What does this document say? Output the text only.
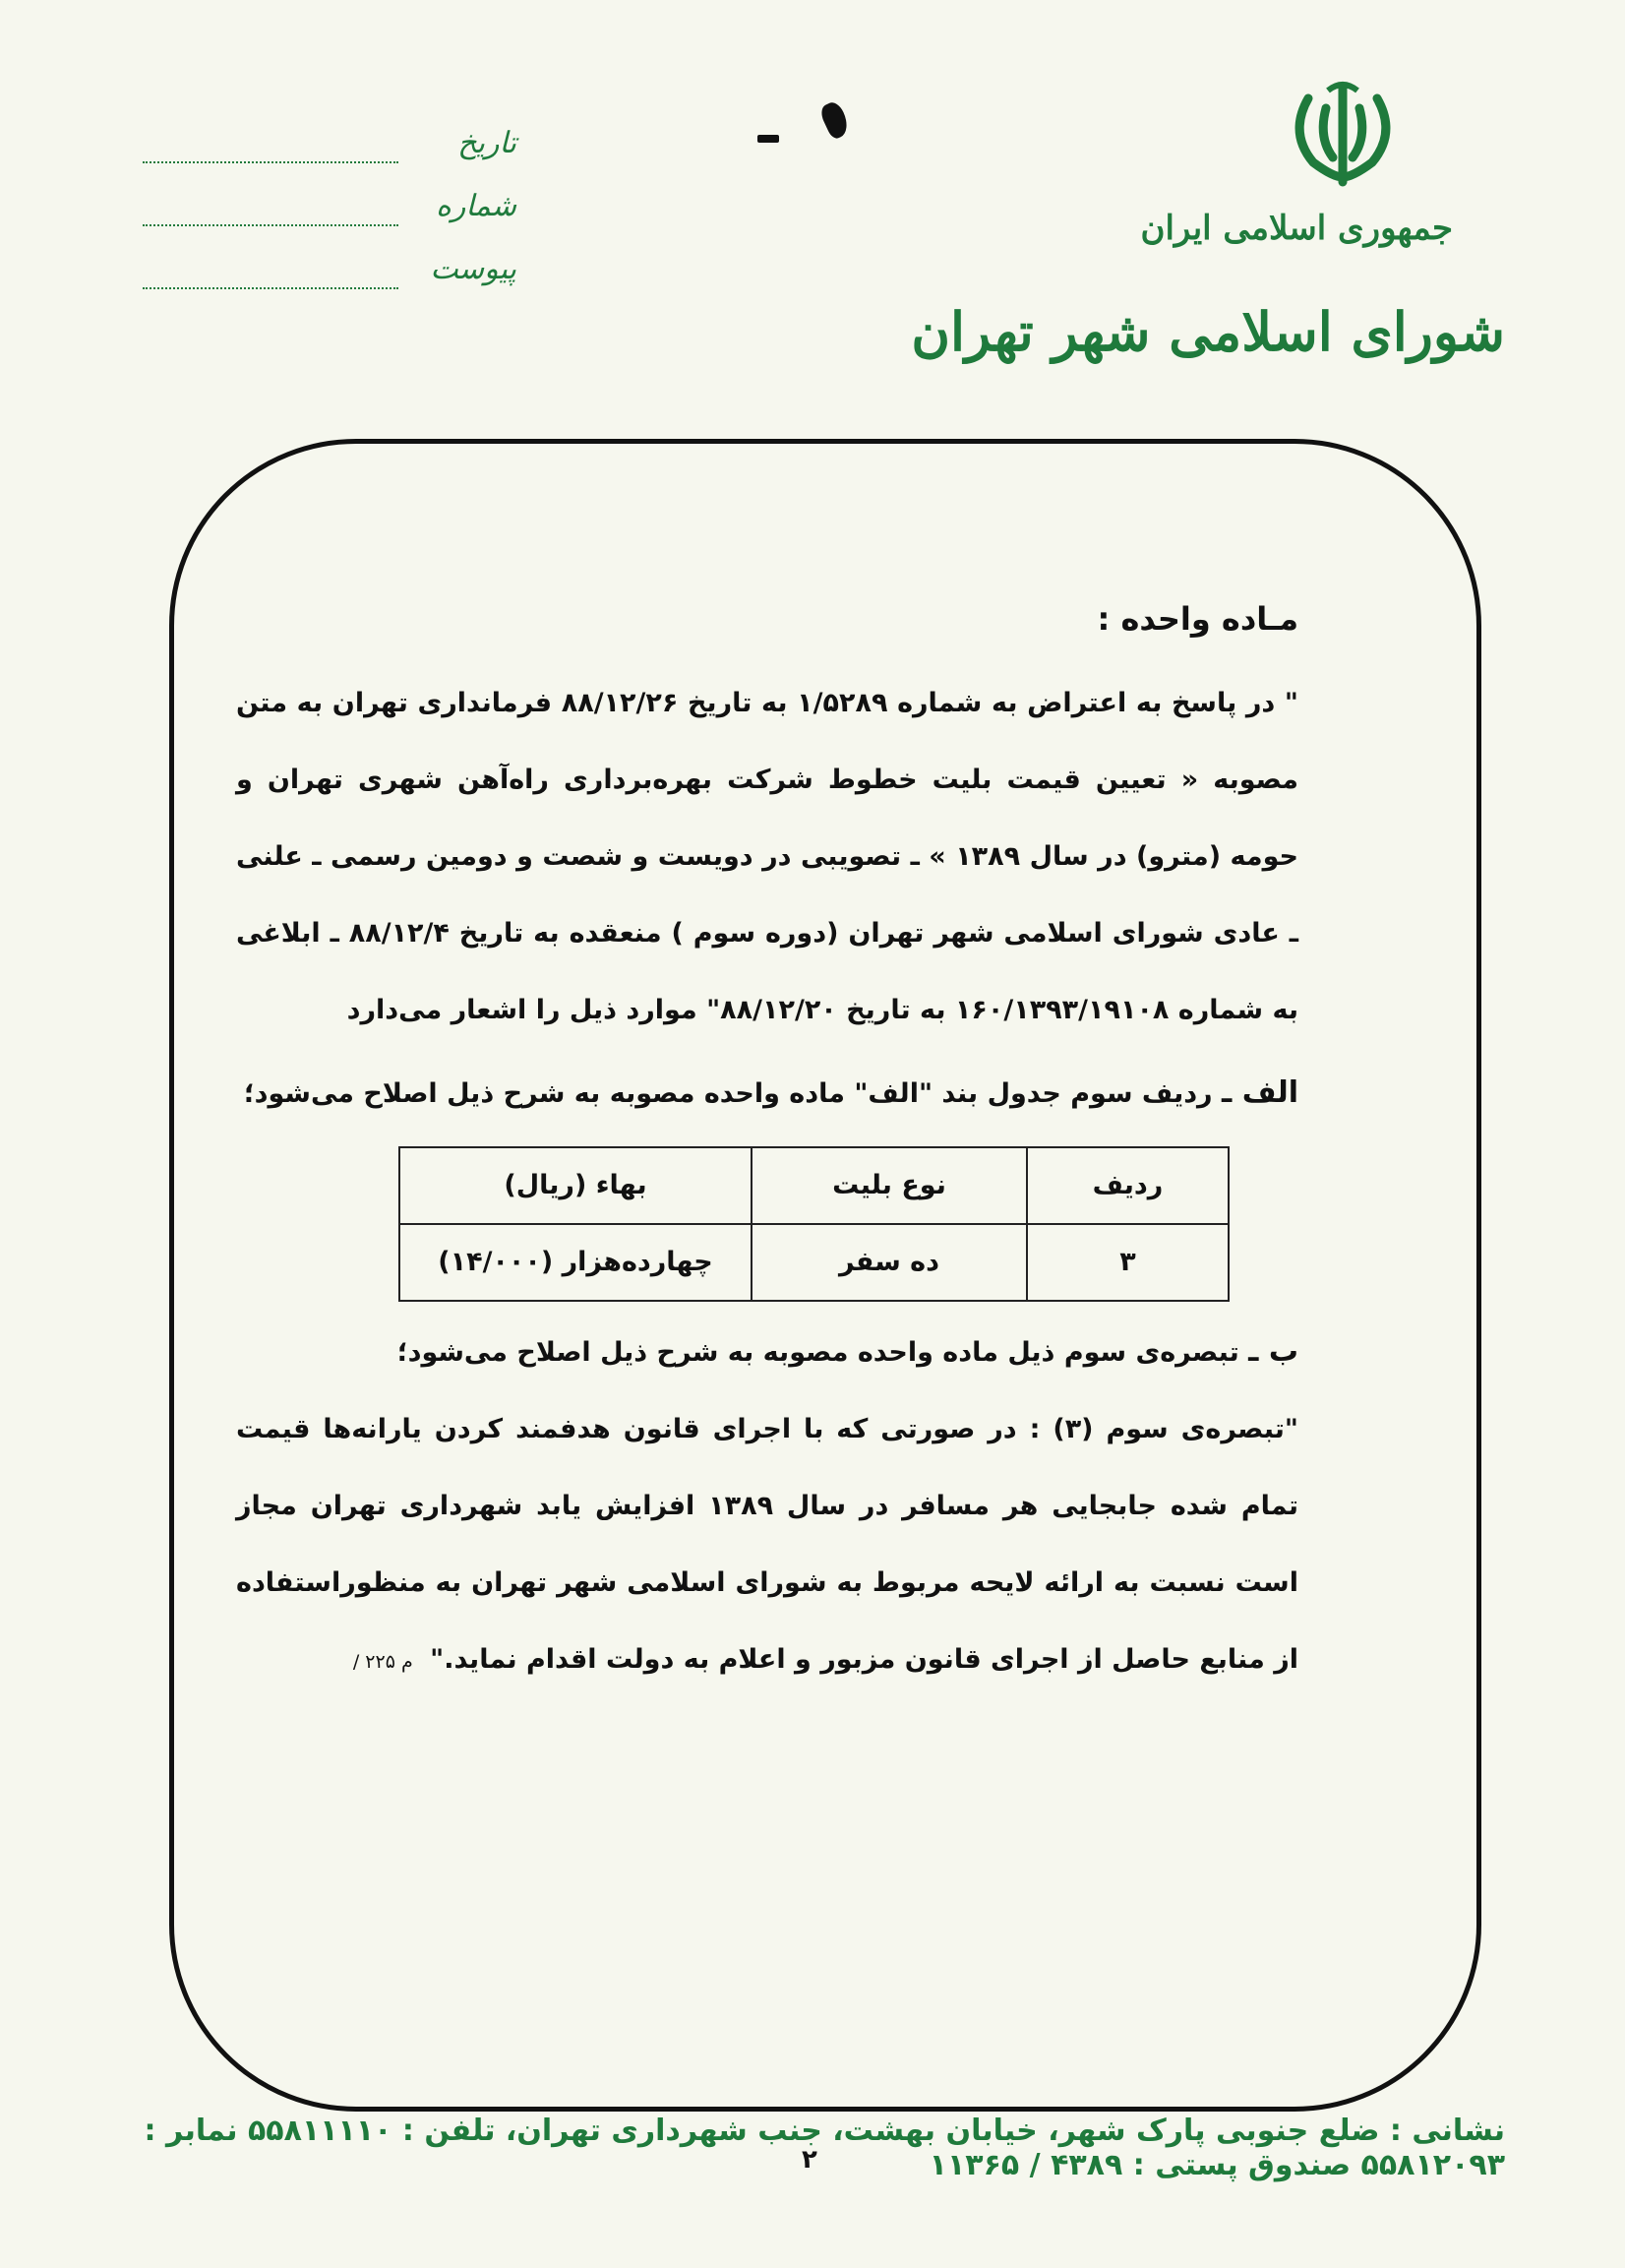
جمهوری اسلامی ایران
شورای اسلامی شهر تهران
تاریخ
شماره
پیوست

مـاده واحده :

" در پاسخ به اعتراض به شماره ۱/۵۲۸۹ به تاریخ ۸۸/۱۲/۲۶ فرمانداری تهران به متن مصوبه « تعیین قیمت بلیت خطوط شرکت بهره‌برداری راه‌آهن شهری تهران و حومه (مترو) در سال ۱۳۸۹ » ـ تصویبی در دویست و شصت و دومین رسمی ـ علنی ـ عادی شورای اسلامی شهر تهران (دوره سوم ) منعقده به تاریخ ۸۸/۱۲/۴ ـ ابلاغی به شماره ۱۶۰/۱۳۹۳/۱۹۱۰۸ به تاریخ ۸۸/۱۲/۲۰" موارد ذیل را اشعار می‌دارد

الف ـ ردیف سوم جدول بند "الف" ماده واحده مصوبه به شرح ذیل اصلاح می‌شود؛

ردیف	نوع بلیت	بهاء (ریال)
۳	ده سفر	چهارده‌هزار (۱۴/۰۰۰)

ب ـ تبصره‌ی سوم ذیل ماده واحده مصوبه به شرح ذیل اصلاح می‌شود؛

"تبصره‌ی سوم (۳) : در صورتی که با اجرای قانون هدفمند کردن یارانه‌ها قیمت تمام شده جابجایی هر مسافر در سال ۱۳۸۹ افزایش یابد شهرداری تهران مجاز است نسبت به ارائه لایحه مربوط به شورای اسلامی شهر تهران به منظوراستفاده از منابع حاصل از اجرای قانون مزبور و اعلام به دولت اقدام نماید." م ۲۲۵ /

نشانی : ضلع جنوبی پارک شهر، خیابان بهشت، جنب شهرداری تهران، تلفن : ۵۵۸۱۱۱۱۰ نمابر : ۵۵۸۱۲۰۹۳ صندوق پستی : ۴۳۸۹ / ۱۱۳۶۵
۲
